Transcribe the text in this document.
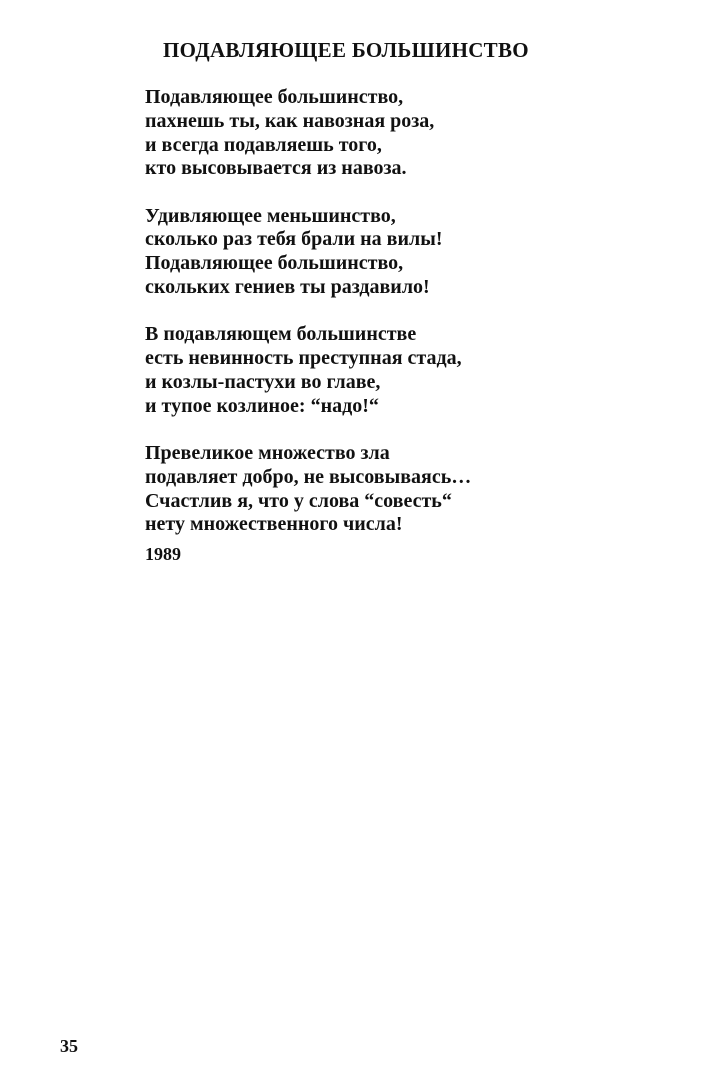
ПОДАВЛЯЮЩЕЕ БОЛЬШИНСТВО
Подавляющее большинство,
пахнешь ты, как навозная роза,
и всегда подавляешь того,
кто высовывается из навоза.
Удивляющее меньшинство,
сколько раз тебя брали на вилы!
Подавляющее большинство,
скольких гениев ты раздавило!
В подавляющем большинстве
есть невинность преступная стада,
и козлы-пастухи во главе,
и тупое козлиное: “надо!“
Превеликое множество зла
подавляет добро, не высовываясь…
Счастлив я, что у слова “совесть“
нету множественного числа!
1989
35
